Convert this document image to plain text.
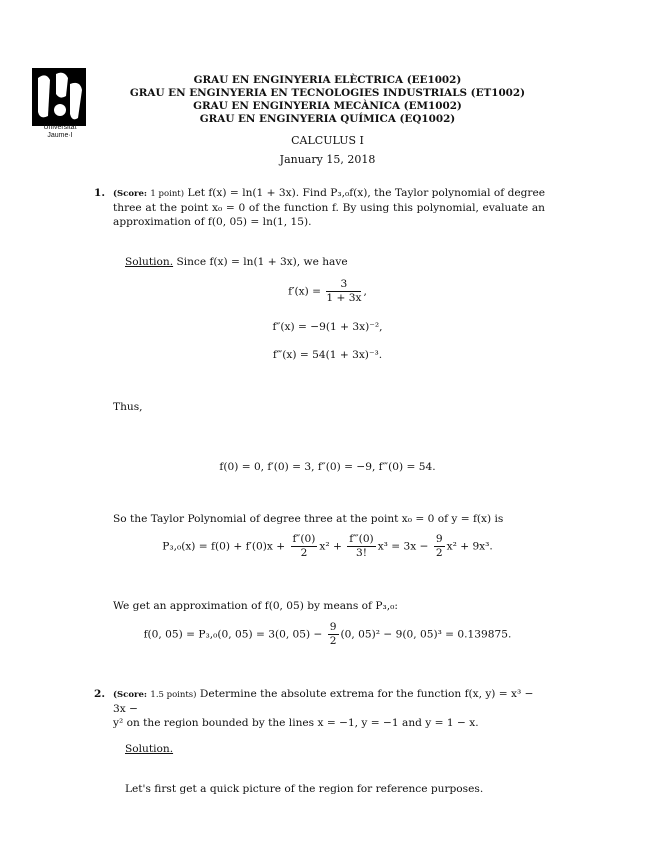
Universitat
Jaume·I
GRAU EN ENGINYERIA ELÈCTRICA (EE1002)
GRAU EN ENGINYERIA EN TECNOLOGIES INDUSTRIALS (ET1002)
GRAU EN ENGINYERIA MECÀNICA (EM1002)
GRAU EN ENGINYERIA QUÍMICA (EQ1002)
CALCULUS I
January 15, 2018
1. (Score: 1 point) Let f(x) = ln(1 + 3x). Find P₃,₀f(x), the Taylor polynomial of degree three at the point x₀ = 0 of the function f. By using this polynomial, evaluate an approximation of f(0, 05) = ln(1, 15).
Solution. Since f(x) = ln(1 + 3x), we have
$f'(x) = \frac{3}{1 + 3x}$ ,
f″(x) = −9(1 + 3x)⁻²,
f‴(x) = 54(1 + 3x)⁻³.
Thus,
f(0) = 0, f′(0) = 3, f″(0) = −9, f‴(0) = 54.
So the Taylor Polynomial of degree three at the point x₀ = 0 of y = f(x) is
$P_3,_0(x) = f(0) + f'(0)x + \frac{f''(0)}{2} x^2 + \frac{f‴(0)}{3!} x^3 = 3x - \frac{9}{2} x^2 + 9x^3$.
We get an approximation of f(0, 05) by means of P₃,₀:
f(0, 05) = P₃,₀(0, 05) = 3(0, $05) - \frac{9}{2} (0$, 05)² − 9(0, 05)³ = 0.139875.
2. (Score: 1.5 points) Determine the absolute extrema for the function f(x, y) = x³ − 3x −
y² on the region bounded by the lines x = −1, y = −1 and y = 1 − x.
Solution.
Let's first get a quick picture of the region for reference purposes.
